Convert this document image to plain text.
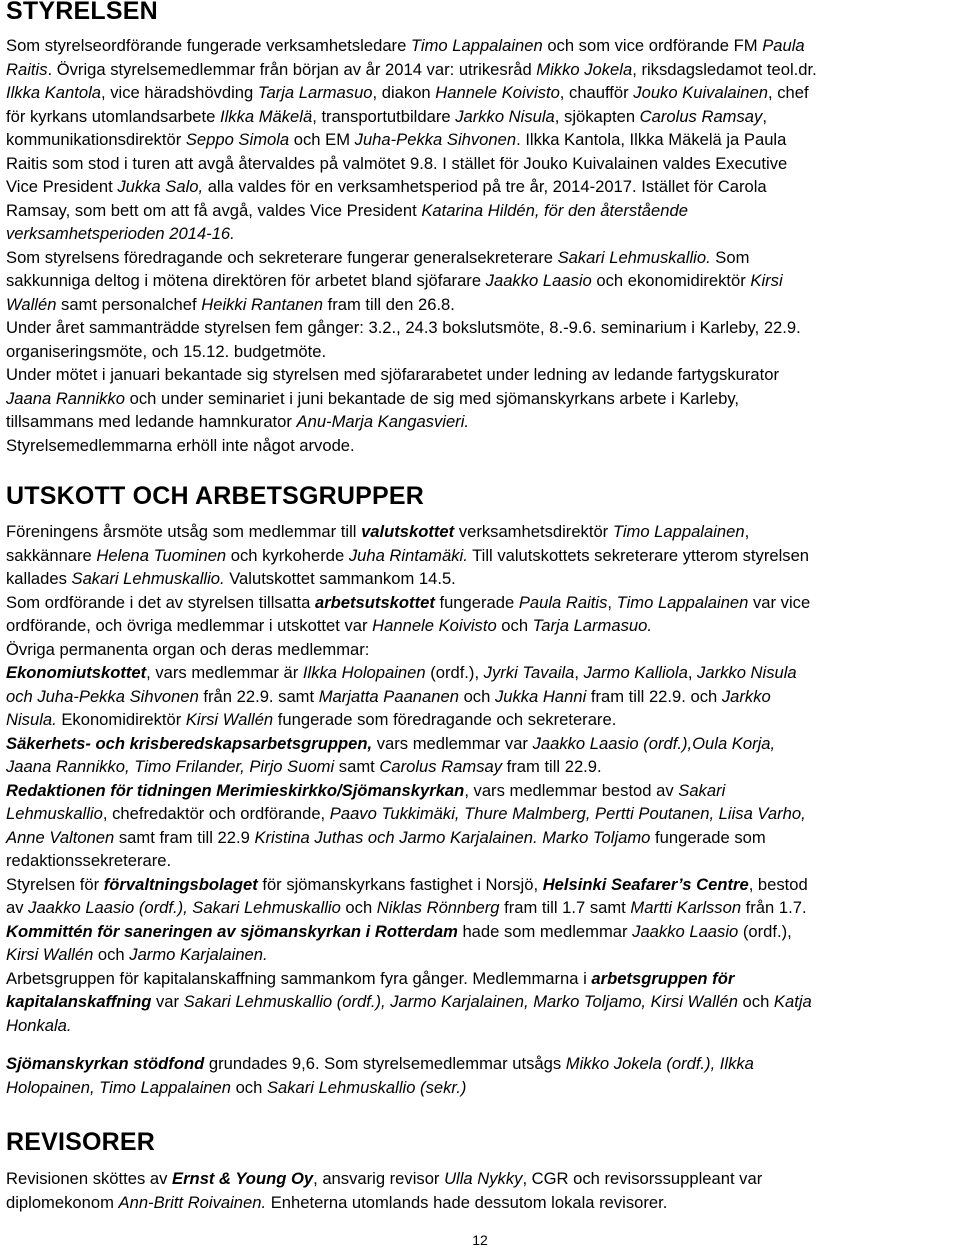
STYRELSEN

Som styrelseordförande fungerade verksamhetsledare Timo Lappalainen och som vice ordförande FM Paula

Raitis. Övriga styrelsemedlemmar från början av år 2014 var: utrikesråd Mikko Jokela, riksdagsledamot teol.dr.

Ilkka Kantola, vice häradshövding Tarja Larmasuo, diakon Hannele Koivisto, chaufför Jouko Kuivalainen, chef

för kyrkans utomlandsarbete Ilkka Mäkelä, transportutbildare Jarkko Nisula, sjökapten Carolus Ramsay,

kommunikationsdirektör Seppo Simola och EM Juha-Pekka Sihvonen. Ilkka Kantola, Ilkka Mäkelä ja Paula

Raitis som stod i turen att avgå återvaldes på valmötet 9.8. I stället för Jouko Kuivalainen valdes Executive

Vice President Jukka Salo, alla valdes för en verksamhetsperiod på tre år, 2014-2017. Istället för Carola

Ramsay, som bett om att få avgå, valdes Vice President Katarina Hildén, för den återstående

verksamhetsperioden 2014-16.

Som styrelsens föredragande och sekreterare fungerar generalsekreterare Sakari Lehmuskallio. Som

sakkunniga deltog i mötena direktören för arbetet bland sjöfarare Jaakko Laasio och ekonomidirektör Kirsi

Wallén samt personalchef Heikki Rantanen fram till den 26.8.

Under året sammanträdde styrelsen fem gånger: 3.2., 24.3 bokslutsmöte, 8.-9.6. seminarium i Karleby, 22.9.

organiseringsmöte, och 15.12. budgetmöte.

Under mötet i januari bekantade sig styrelsen med sjöfararabetet under ledning av ledande fartygskurator

Jaana Rannikko och under seminariet i juni bekantade de sig med sjömanskyrkans arbete i Karleby,

tillsammans med ledande hamnkurator Anu-Marja Kangasvieri.

Styrelsemedlemmarna erhöll inte något arvode.

UTSKOTT OCH ARBETSGRUPPER

Föreningens årsmöte utsåg som medlemmar till valutskottet verksamhetsdirektör Timo Lappalainen,

sakkännare Helena Tuominen och kyrkoherde Juha Rintamäki. Till valutskottets sekreterare ytterom styrelsen

kallades Sakari Lehmuskallio. Valutskottet sammankom 14.5.

Som ordförande i det av styrelsen tillsatta arbetsutskottet fungerade Paula Raitis, Timo Lappalainen var vice

ordförande, och övriga medlemmar i utskottet var Hannele Koivisto och Tarja Larmasuo.

Övriga permanenta organ och deras medlemmar:

Ekonomiutskottet, vars medlemmar är Ilkka Holopainen (ordf.), Jyrki Tavaila, Jarmo Kalliola, Jarkko Nisula

och Juha-Pekka Sihvonen från 22.9. samt Marjatta Paananen och Jukka Hanni fram till 22.9. och Jarkko

Nisula. Ekonomidirektör Kirsi Wallén fungerade som föredragande och sekreterare.

Säkerhets- och krisberedskapsarbetsgruppen, vars medlemmar var Jaakko Laasio (ordf.),Oula Korja,

Jaana Rannikko, Timo Frilander, Pirjo Suomi samt Carolus Ramsay fram till 22.9.

Redaktionen för tidningen Merimieskirkko/Sjömanskyrkan, vars medlemmar bestod av Sakari

Lehmuskallio, chefredaktör och ordförande, Paavo Tukkimäki, Thure Malmberg, Pertti Poutanen, Liisa Varho,

Anne Valtonen samt fram till 22.9 Kristina Juthas och Jarmo Karjalainen. Marko Toljamo fungerade som

redaktionssekreterare.

Styrelsen för förvaltningsbolaget för sjömanskyrkans fastighet i Norsjö, Helsinki Seafarer’s Centre, bestod

av Jaakko Laasio (ordf.), Sakari Lehmuskallio och Niklas Rönnberg fram till 1.7 samt Martti Karlsson från 1.7.

Kommittén för saneringen av sjömanskyrkan i Rotterdam hade som medlemmar Jaakko Laasio (ordf.),

Kirsi Wallén och Jarmo Karjalainen.

Arbetsgruppen för kapitalanskaffning sammankom fyra gånger. Medlemmarna i arbetsgruppen för

kapitalanskaffning var Sakari Lehmuskallio (ordf.), Jarmo Karjalainen, Marko Toljamo, Kirsi Wallén och Katja

Honkala.

Sjömanskyrkan stödfond grundades 9,6. Som styrelsemedlemmar utsågs Mikko Jokela (ordf.), Ilkka

Holopainen, Timo Lappalainen och Sakari Lehmuskallio (sekr.)

REVISORER

Revisionen sköttes av Ernst & Young Oy, ansvarig revisor Ulla Nykky, CGR och revisorssuppleant var

diplomekonom Ann-Britt Roivainen. Enheterna utomlands hade dessutom lokala revisorer.

12
